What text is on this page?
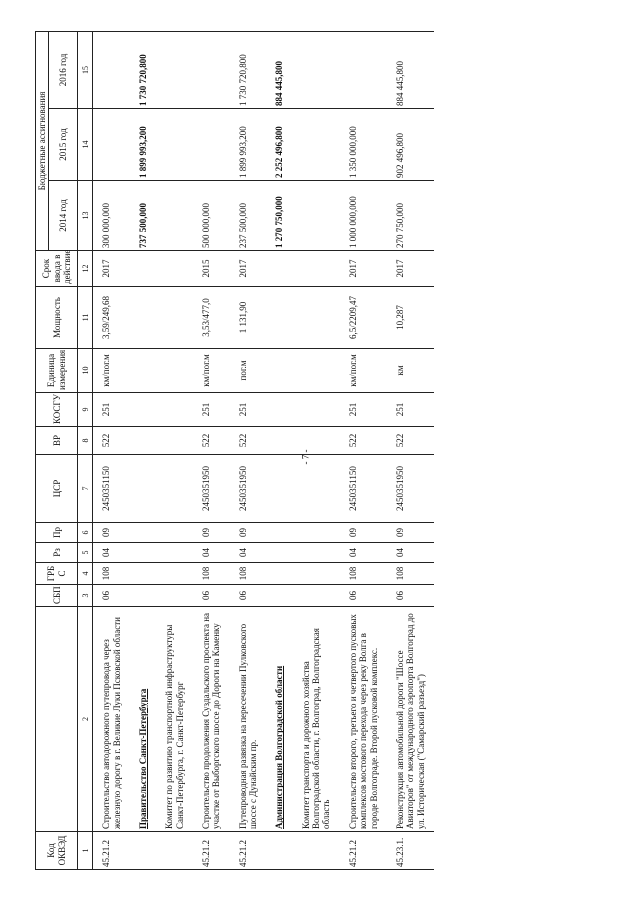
Код ОКВЭД		СБП	ГРБ С	Рз	Пр	ЦСР	ВР	КОСГУ	Единица измерения	Мощность	Срок ввода в действие	Бюджетные ассигнования		
												2014 год	2015 год	2016 год
1	2	3	4	5	6	7	8	9	10	11	12	13	14	15
45.21.2	Строительство автодорожного путепровода через железную дорогу в г. Великие Луки Псковской области	06	108	04	09	2450351150	522	251	км/пог.м	3,59/249,68	2017	300 000,000		
	Правительство Санкт-Петербурга											737 500,000	1 899 993,200	1 730 720,800
	Комитет по развитию транспортной инфраструктуры Санкт-Петербурга, г. Санкт-Петербург													
45.21.2	Строительство продолжения Суздальского проспекта на участке от Выборгского шоссе до Дороги на Каменку	06	108	04	09	2450351950	522	251	км/пог.м	3,53/477,0	2015	500 000,000		
45.21.2	Путепроводная развязка на пересечении Пулковского шоссе с Дунайским пр.	06	108	04	09	2450351950	522	251	пог.м	1 131,90	2017	237 500,000	1 899 993,200	1 730 720,800
	Администрация Волгоградской области											1 270 750,000	2 252 496,800	884 445,800
	Комитет транспорта и дорожного хозяйства Волгоградской области, г. Волгоград, Волгоградская область													
45.21.2	Строительство второго, третьего и четвертого пусковых комплексов мостового перехода через реку Волга в городе Волгограде. Второй пусковой комплекс.	06	108	04	09	2450351150	522	251	км/пог.м	6,5/2209,47	2017	1 000 000,000	1 350 000,000	
45.23.1.	Реконструкция автомобильной дороги "Шоссе Авиаторов" от международного аэропорта Волгоград до ул. Историческая ("Самарский разъезд")	06	108	04	09	2450351950	522	251	км	10,287	2017	270 750,000	902 496,800	884 445,800
- 7 -
